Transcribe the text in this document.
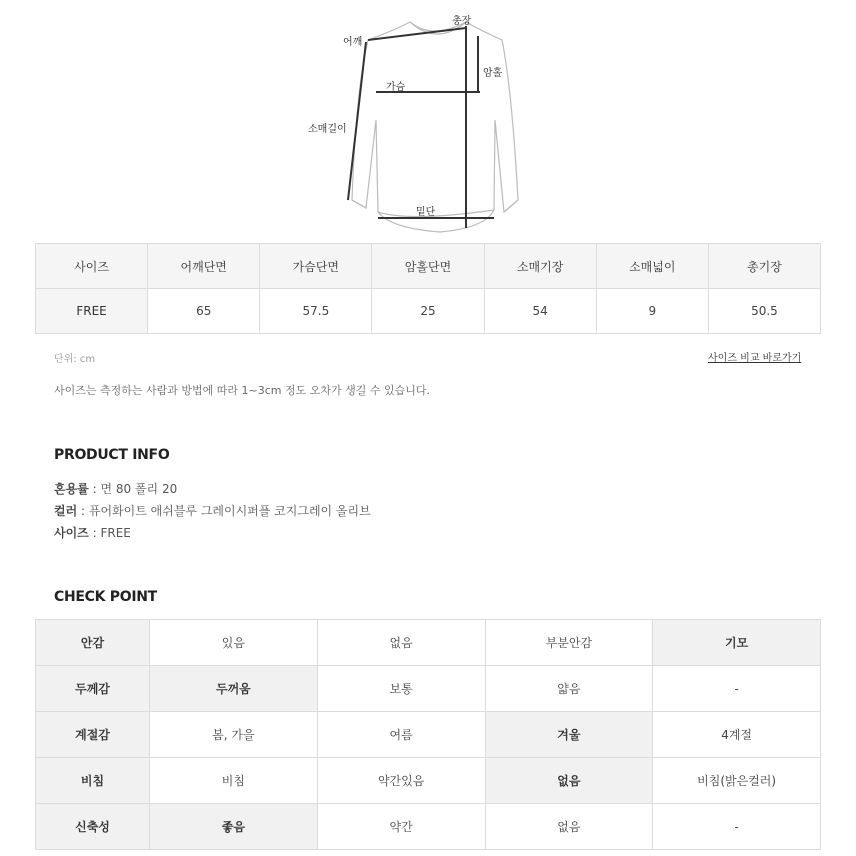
총장
어깨
암홀
가슴
소매길이
밑단
사이즈	어깨단면	가슴단면	암홀단면	소매기장	소매넓이	총기장
FREE	65	57.5	25	54	9	50.5
단위: cm	사이즈 비교 바로가기
사이즈는 측정하는 사람과 방법에 따라 1~3cm 정도 오차가 생길 수 있습니다.
PRODUCT INFO
혼용률 : 면 80 폴리 20
컬러 : 퓨어화이트 애쉬블루 그레이시퍼플 코지그레이 올리브
사이즈 : FREE
CHECK POINT
안감	있음	없음	부분안감	기모
두께감	두꺼움	보통	얇음	-
계절감	봄, 가을	여름	겨울	4계절
비침	비침	약간있음	없음	비침(밝은컬러)
신축성	좋음	약간	없음	-
